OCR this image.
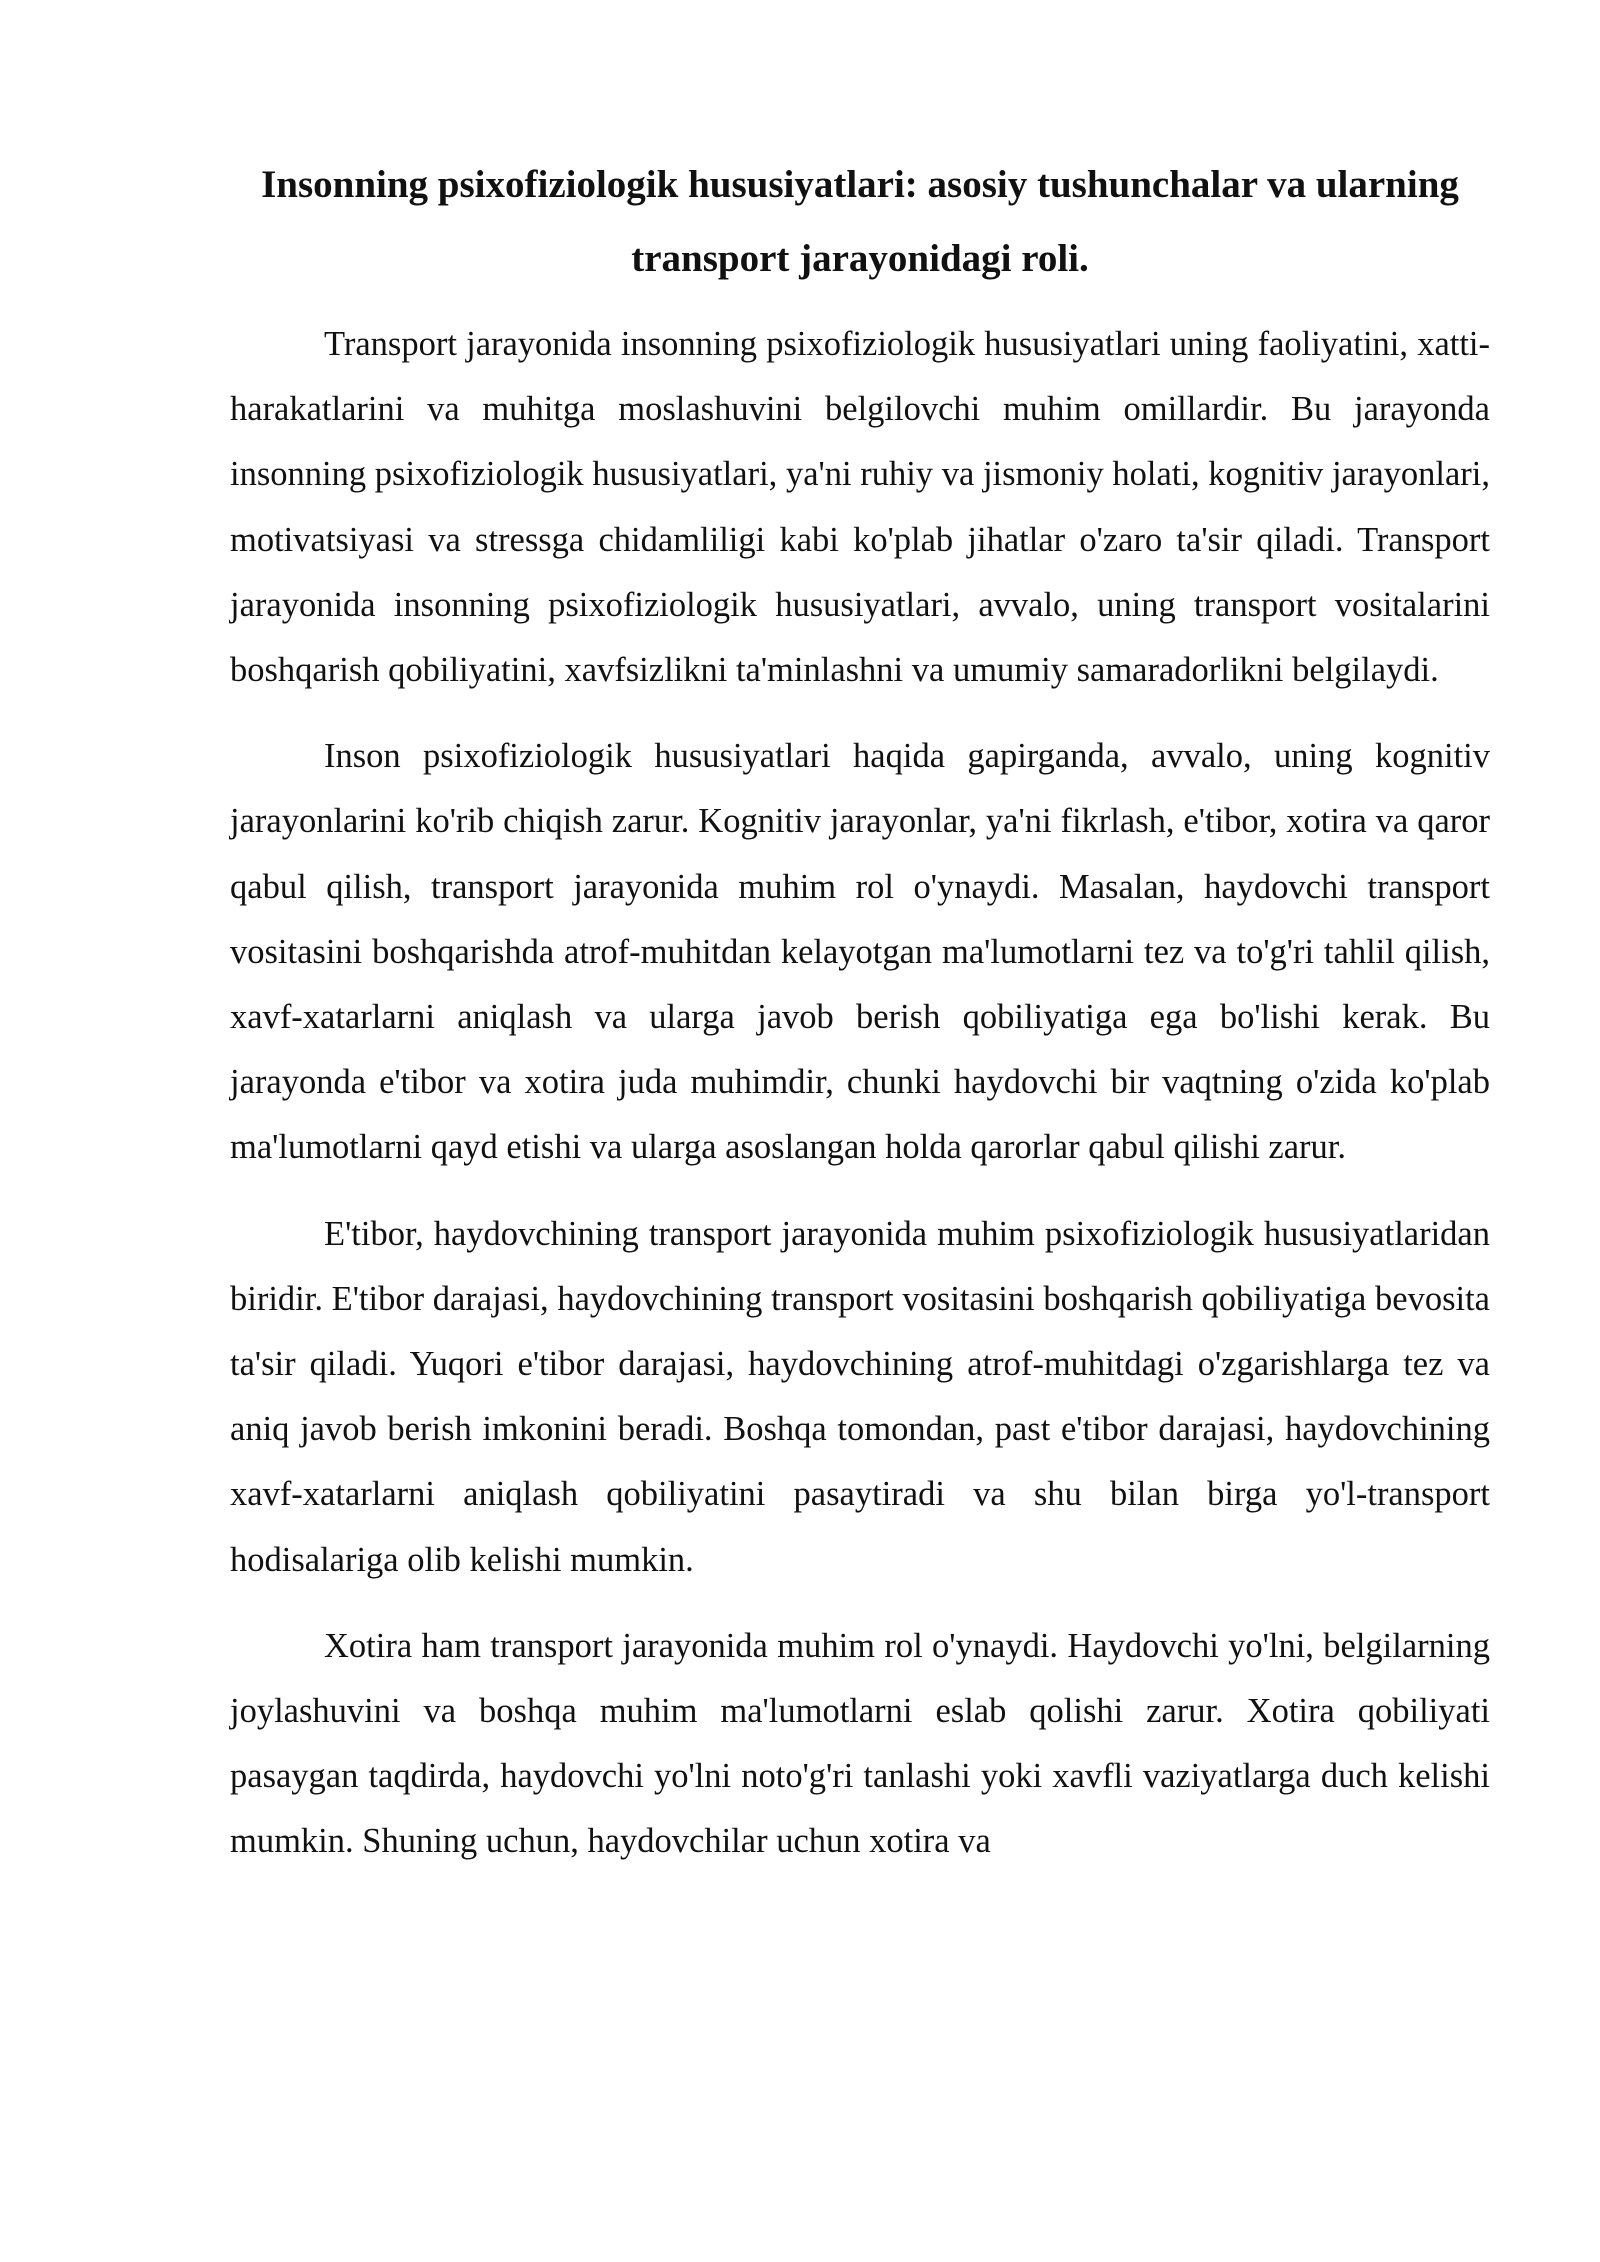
Insonning psixofiziologik hususiyatlari: asosiy tushunchalar va ularning transport jarayonidagi roli.

Transport jarayonida insonning psixofiziologik hususiyatlari uning faoliyatini, xatti-harakatlarini va muhitga moslashuvini belgilovchi muhim omillardir. Bu jarayonda insonning psixofiziologik hususiyatlari, ya'ni ruhiy va jismoniy holati, kognitiv jarayonlari, motivatsiyasi va stressga chidamliligi kabi ko'plab jihatlar o'zaro ta'sir qiladi. Transport jarayonida insonning psixofiziologik hususiyatlari, avvalo, uning transport vositalarini boshqarish qobiliyatini, xavfsizlikni ta'minlashni va umumiy samaradorlikni belgilaydi.

Inson psixofiziologik hususiyatlari haqida gapirganda, avvalo, uning kognitiv jarayonlarini ko'rib chiqish zarur. Kognitiv jarayonlar, ya'ni fikrlash, e'tibor, xotira va qaror qabul qilish, transport jarayonida muhim rol o'ynaydi. Masalan, haydovchi transport vositasini boshqarishda atrof-muhitdan kelayotgan ma'lumotlarni tez va to'g'ri tahlil qilish, xavf-xatarlarni aniqlash va ularga javob berish qobiliyatiga ega bo'lishi kerak. Bu jarayonda e'tibor va xotira juda muhimdir, chunki haydovchi bir vaqtning o'zida ko'plab ma'lumotlarni qayd etishi va ularga asoslangan holda qarorlar qabul qilishi zarur.

E'tibor, haydovchining transport jarayonida muhim psixofiziologik hususiyatlaridan biridir. E'tibor darajasi, haydovchining transport vositasini boshqarish qobiliyatiga bevosita ta'sir qiladi. Yuqori e'tibor darajasi, haydovchining atrof-muhitdagi o'zgarishlarga tez va aniq javob berish imkonini beradi. Boshqa tomondan, past e'tibor darajasi, haydovchining xavf-xatarlarni aniqlash qobiliyatini pasaytiradi va shu bilan birga yo'l-transport hodisalariga olib kelishi mumkin.

Xotira ham transport jarayonida muhim rol o'ynaydi. Haydovchi yo'lni, belgilarning joylashuvini va boshqa muhim ma'lumotlarni eslab qolishi zarur. Xotira qobiliyati pasaygan taqdirda, haydovchi yo'lni noto'g'ri tanlashi yoki xavfli vaziyatlarga duch kelishi mumkin. Shuning uchun, haydovchilar uchun xotira va
